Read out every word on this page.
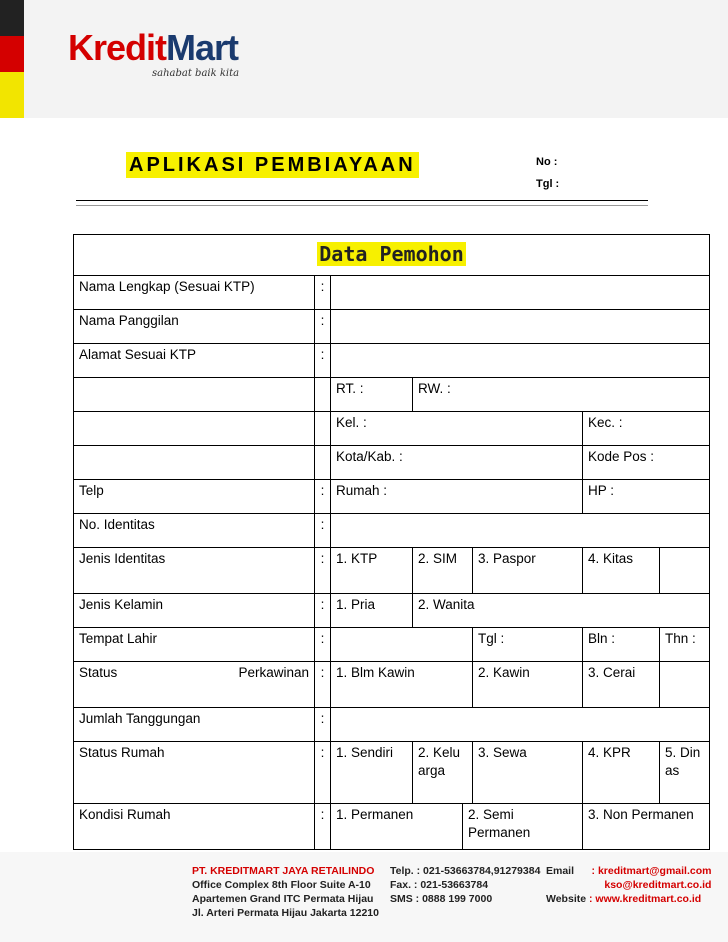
KreditMart
sahabat baik kita
APLIKASI PEMBIAYAAN	No :
Tgl :
Data Pemohon							
Nama Lengkap (Sesuai KTP)	:						
Nama Panggilan	:						
Alamat Sesuai KTP	:						
		RT. :	RW. :				
		Kel. :				Kec. :	
		Kota/Kab. :				Kode Pos :	
Telp	:	Rumah :				HP :	
No. Identitas	:						
Jenis Identitas	:	1. KTP	2. SIM		3. Paspor	4. Kitas	
Jenis Kelamin	:	1. Pria	2. Wanita				
Tempat Lahir	:				Tgl :	Bln :	Thn :
Status Perkawinan	:	1. Blm Kawin			2. Kawin	3. Cerai	
Jumlah Tanggungan	:						
Status Rumah	:	1. Sendiri	2. Keluarga		3. Sewa	4. KPR	5. Dinas
Kondisi Rumah	:	1. Permanen		2. Semi Permanen		3. Non Permanen	
PT. KREDITMART JAYA RETAILINDO
Office Complex 8th Floor Suite A-10
Apartemen Grand ITC Permata Hijau
Jl. Arteri Permata Hijau Jakarta 12210
Telp. : 021-53663784,91279384
Fax. : 021-53663784
SMS : 0888 199 7000
Email : kreditmart@gmail.com
kso@kreditmart.co.id
Website : www.kreditmart.co.id
